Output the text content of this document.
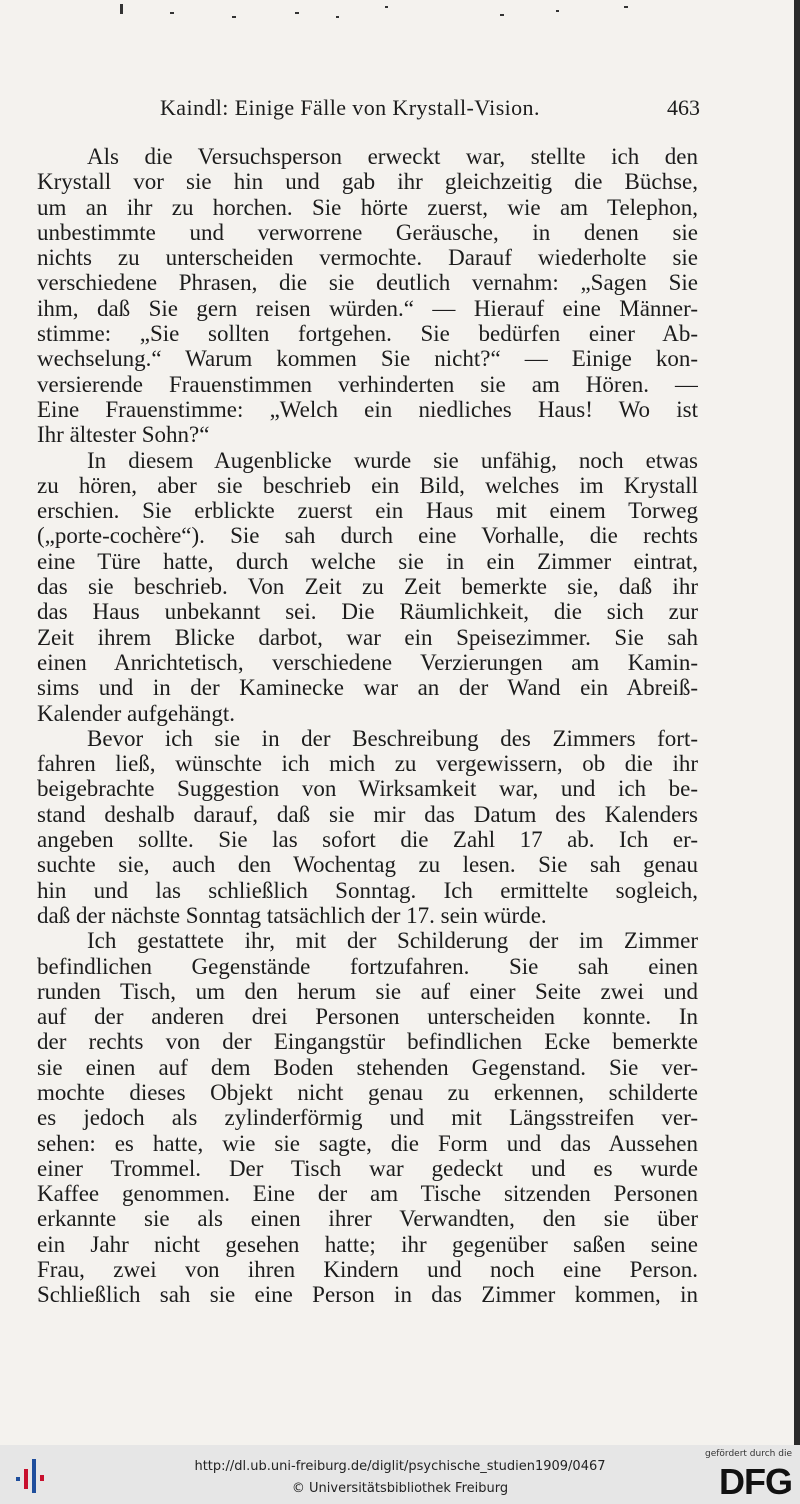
Kaindl: Einige Fälle von Krystall-Vision.	463
Als die Versuchsperson erweckt war, stellte ich den
Krystall vor sie hin und gab ihr gleichzeitig die Büchse,
um an ihr zu horchen. Sie hörte zuerst, wie am Telephon,
unbestimmte und verworrene Geräusche, in denen sie
nichts zu unterscheiden vermochte. Darauf wiederholte sie
verschiedene Phrasen, die sie deutlich vernahm: „Sagen Sie
ihm, daß Sie gern reisen würden.“ — Hierauf eine Männer-
stimme: „Sie sollten fortgehen. Sie bedürfen einer Ab-
wechselung.“ Warum kommen Sie nicht?“ — Einige kon-
versierende Frauenstimmen verhinderten sie am Hören. —
Eine Frauenstimme: „Welch ein niedliches Haus! Wo ist
Ihr ältester Sohn?“
In diesem Augenblicke wurde sie unfähig, noch etwas
zu hören, aber sie beschrieb ein Bild, welches im Krystall
erschien. Sie erblickte zuerst ein Haus mit einem Torweg
(„porte-cochère“). Sie sah durch eine Vorhalle, die rechts
eine Türe hatte, durch welche sie in ein Zimmer eintrat,
das sie beschrieb. Von Zeit zu Zeit bemerkte sie, daß ihr
das Haus unbekannt sei. Die Räumlichkeit, die sich zur
Zeit ihrem Blicke darbot, war ein Speisezimmer. Sie sah
einen Anrichtetisch, verschiedene Verzierungen am Kamin-
sims und in der Kaminecke war an der Wand ein Abreiß-
Kalender aufgehängt.
Bevor ich sie in der Beschreibung des Zimmers fort-
fahren ließ, wünschte ich mich zu vergewissern, ob die ihr
beigebrachte Suggestion von Wirksamkeit war, und ich be-
stand deshalb darauf, daß sie mir das Datum des Kalenders
angeben sollte. Sie las sofort die Zahl 17 ab. Ich er-
suchte sie, auch den Wochentag zu lesen. Sie sah genau
hin und las schließlich Sonntag. Ich ermittelte sogleich,
daß der nächste Sonntag tatsächlich der 17. sein würde.
Ich gestattete ihr, mit der Schilderung der im Zimmer
befindlichen Gegenstände fortzufahren. Sie sah einen
runden Tisch, um den herum sie auf einer Seite zwei und
auf der anderen drei Personen unterscheiden konnte. In
der rechts von der Eingangstür befindlichen Ecke bemerkte
sie einen auf dem Boden stehenden Gegenstand. Sie ver-
mochte dieses Objekt nicht genau zu erkennen, schilderte
es jedoch als zylinderförmig und mit Längsstreifen ver-
sehen: es hatte, wie sie sagte, die Form und das Aussehen
einer Trommel. Der Tisch war gedeckt und es wurde
Kaffee genommen. Eine der am Tische sitzenden Personen
erkannte sie als einen ihrer Verwandten, den sie über
ein Jahr nicht gesehen hatte; ihr gegenüber saßen seine
Frau, zwei von ihren Kindern und noch eine Person.
Schließlich sah sie eine Person in das Zimmer kommen, in
http://dl.ub.uni-freiburg.de/diglit/psychische_studien1909/0467
© Universitätsbibliothek Freiburg
gefördert durch die
DFG
